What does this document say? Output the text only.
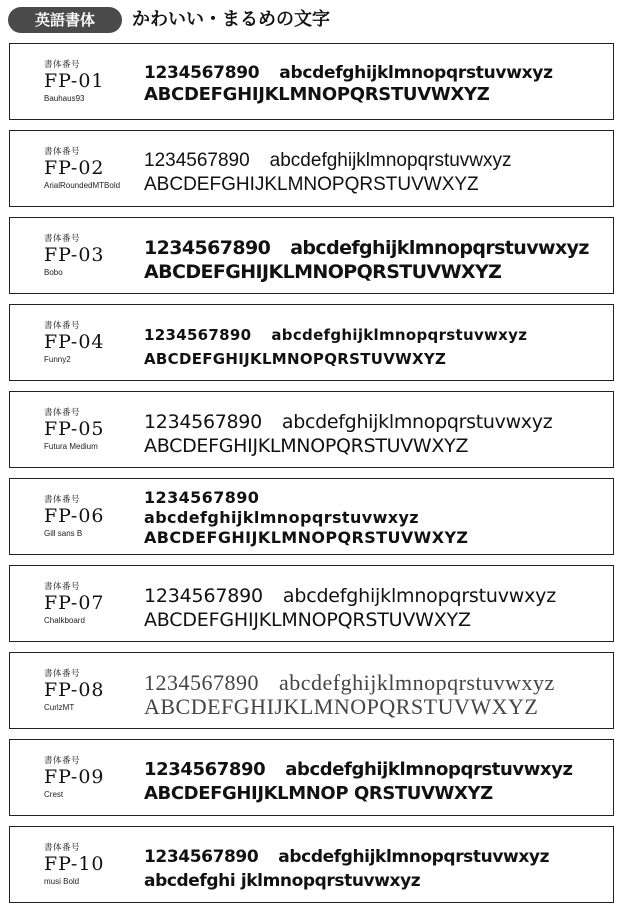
英語書体	かわいい・まるめの文字
書体番号
FP-01
Bauhaus93
1234567890 abcdefghijklmnopqrstuvwxyz
ABCDEFGHIJKLMNOPQRSTUVWXYZ
書体番号
FP-02
ArialRoundedMTBold
1234567890 abcdefghijklmnopqrstuvwxyz
ABCDEFGHIJKLMNOPQRSTUVWXYZ
書体番号
FP-03
Bobo
1234567890 abcdefghijklmnopqrstuvwxyz
ABCDEFGHIJKLMNOPQRSTUVWXYZ
書体番号
FP-04
Funny2
1234567890 abcdefghijklmnopqrstuvwxyz
ABCDEFGHIJKLMNOPQRSTUVWXYZ
書体番号
FP-05
Futura Medium
1234567890 abcdefghijklmnopqrstuvwxyz
ABCDEFGHIJKLMNOPQRSTUVWXYZ
書体番号
FP-06
Gill sans B
1234567890
abcdefghijklmnopqrstuvwxyz
ABCDEFGHIJKLMNOPQRSTUVWXYZ
書体番号
FP-07
Chalkboard
1234567890 abcdefghijklmnopqrstuvwxyz
ABCDEFGHIJKLMNOPQRSTUVWXYZ
書体番号
FP-08
CurlzMT
1234567890 abcdefghijklmnopqrstuvwxyz
ABCDEFGHIJKLMNOPQRSTUVWXYZ
書体番号
FP-09
Crest
1234567890 abcdefghijklmnopqrstuvwxyz
ABCDEFGHIJKLMNOP QRSTUVWXYZ
書体番号
FP-10
musi Bold
1234567890 abcdefghijklmnopqrstuvwxyz
abcdefghi jklmnopqrstuvwxyz
